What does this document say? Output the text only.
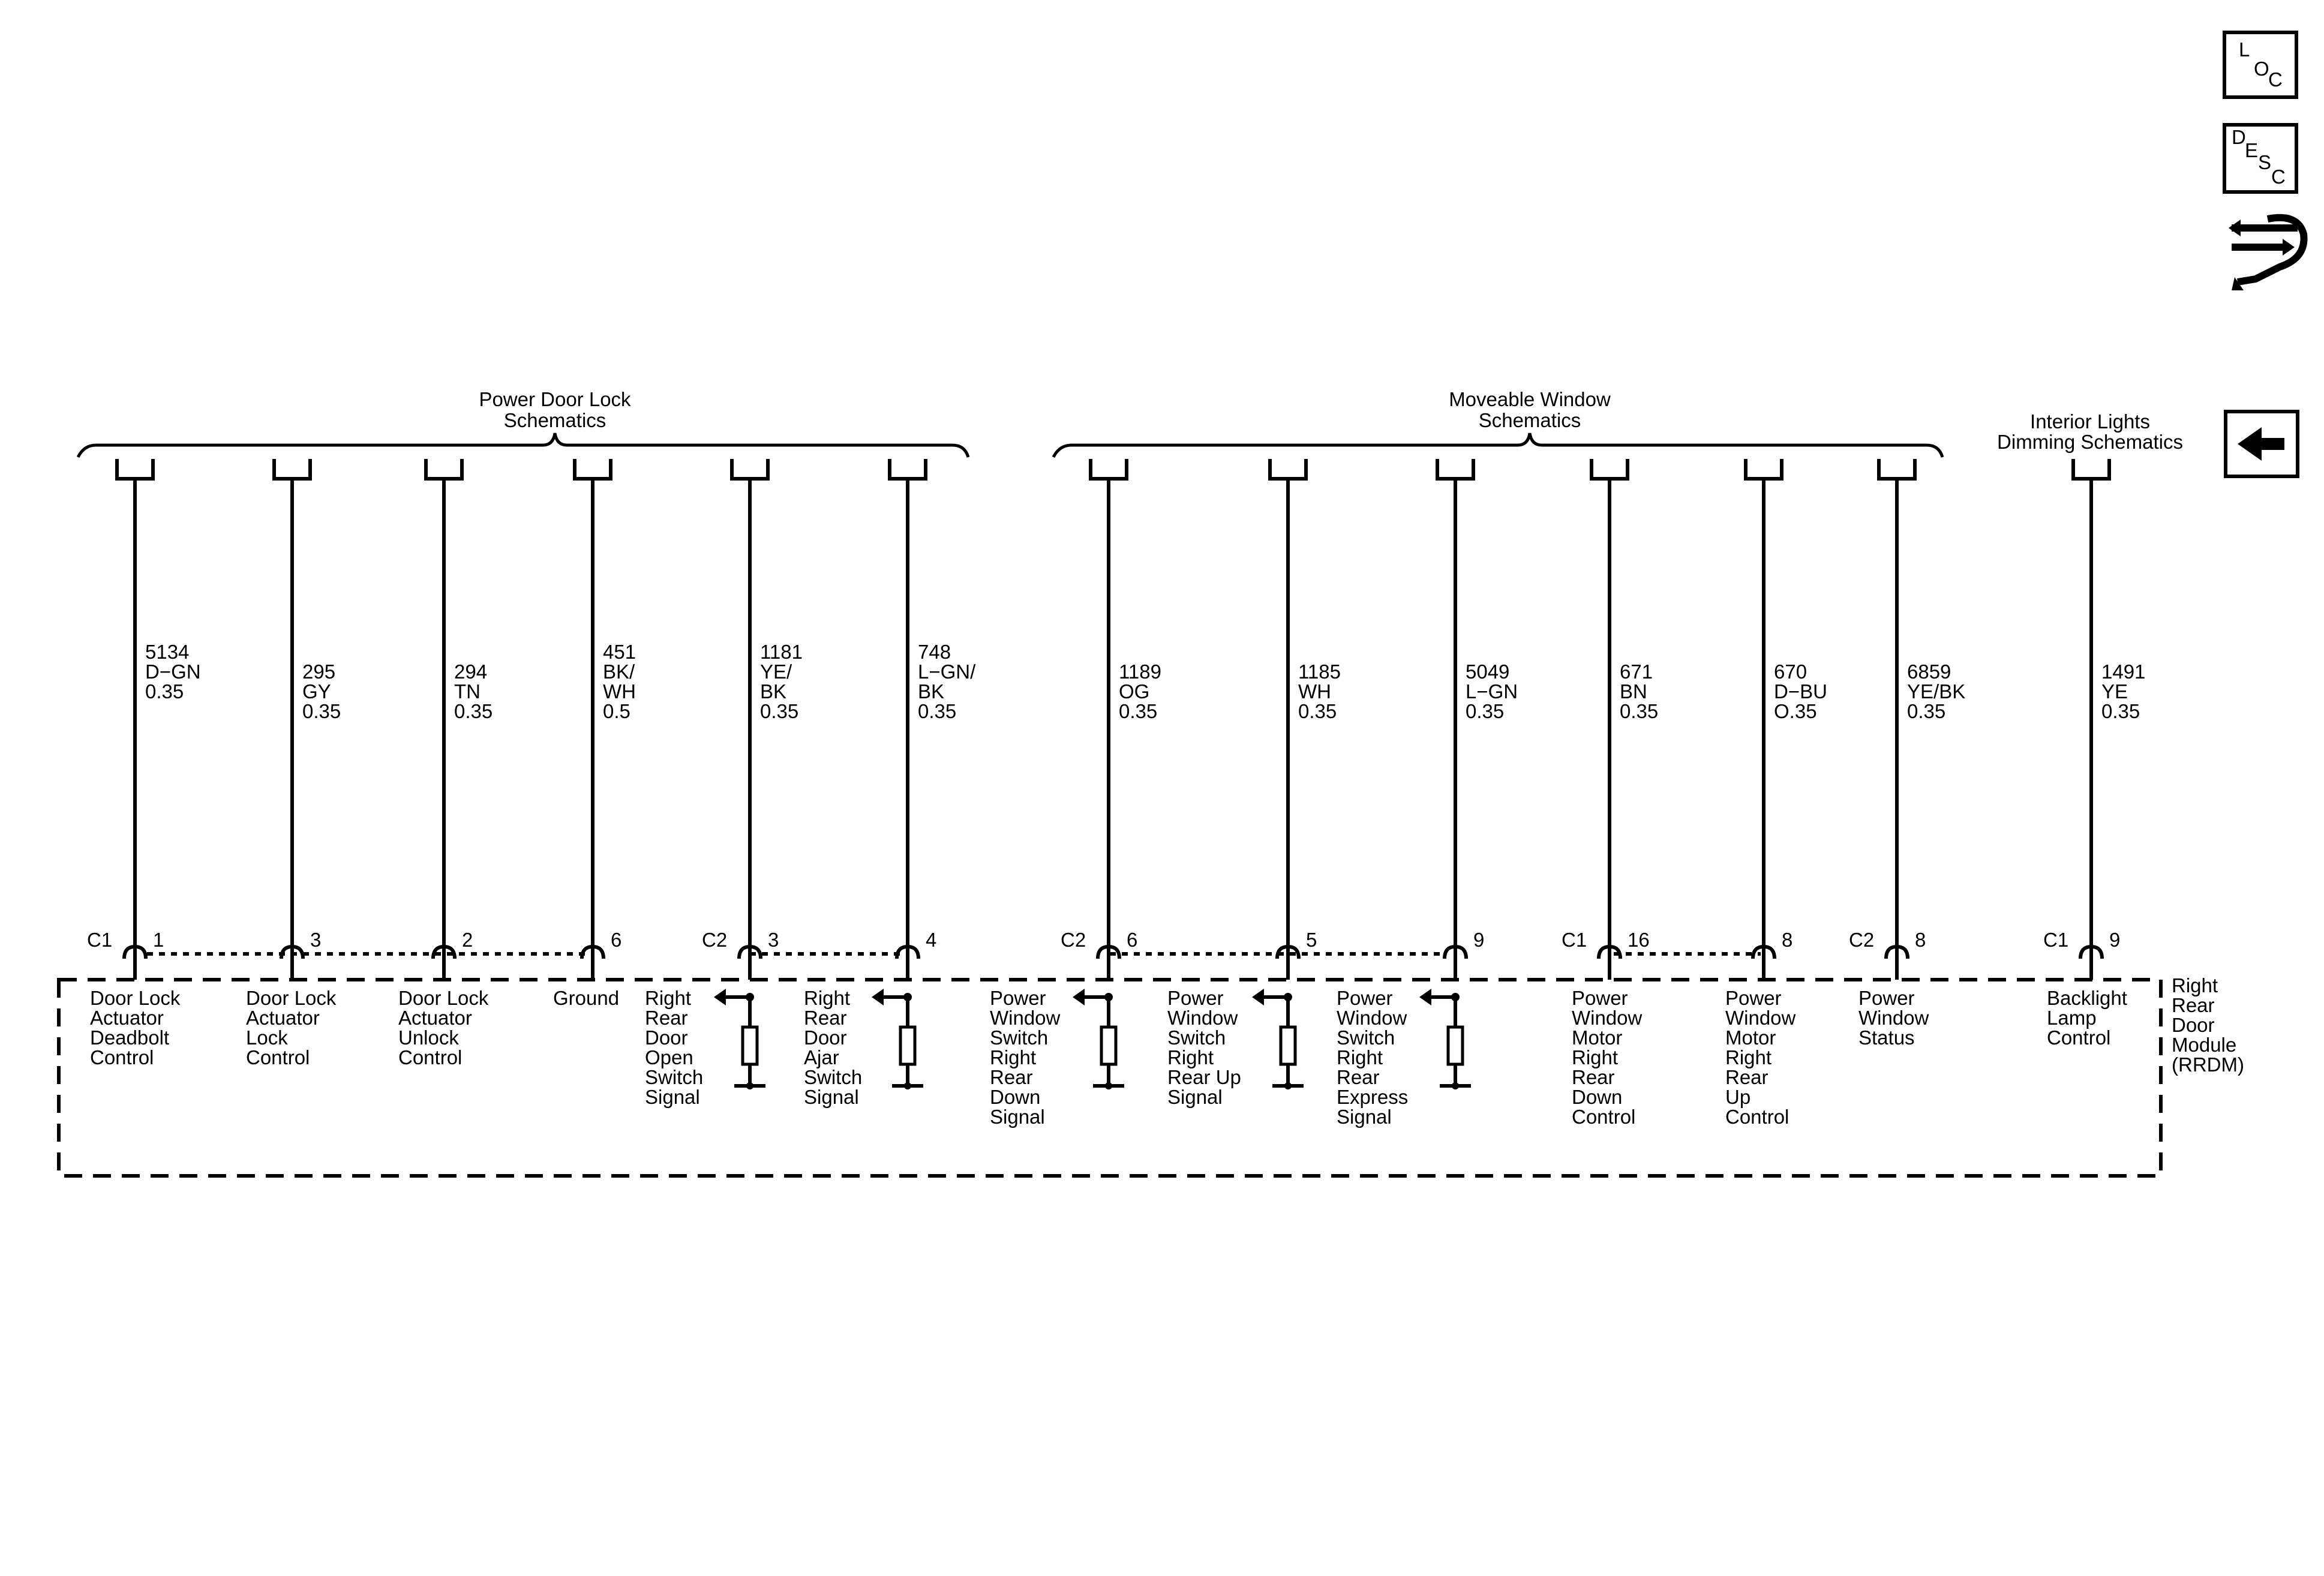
L
O
C
D
E
S
C
Power Door Lock
Schematics
Moveable Window
Schematics	Interior Lights
Dimming Schematics
5134
D−GN
0.35
C1 1
Door Lock
Actuator
Deadbolt
Control
295
GY
0.35
3
Door Lock
Actuator
Lock
Control
294
TN
0.35
2
Door Lock
Actuator
Unlock
Control
451
BK/
WH
0.5
6
Ground
1181
YE/
BK
0.35
C2 3
Right
Rear
Door
Open
Switch
Signal
748
L−GN/
BK
0.35
4
Right
Rear
Door
Ajar
Switch
Signal
1189
OG
0.35
C2 6
Power
Window
Switch
Right
Rear
Down
Signal
1185
WH
0.35
5
Power
Window
Switch
Right
Rear Up
Signal
5049
L−GN
0.35
9
Power
Window
Switch
Right
Rear
Express
Signal
671
BN
0.35
C1 16
Power
Window
Motor
Right
Rear
Down
Control
670
D−BU
O.35
8
Power
Window
Motor
Right
Rear
Up
Control
6859
YE/BK
0.35
C2 8
Power
Window
Status
1491
YE
0.35
C1 9
Backlight
Lamp
Control
Right
Rear
Door
Module
(RRDM)
